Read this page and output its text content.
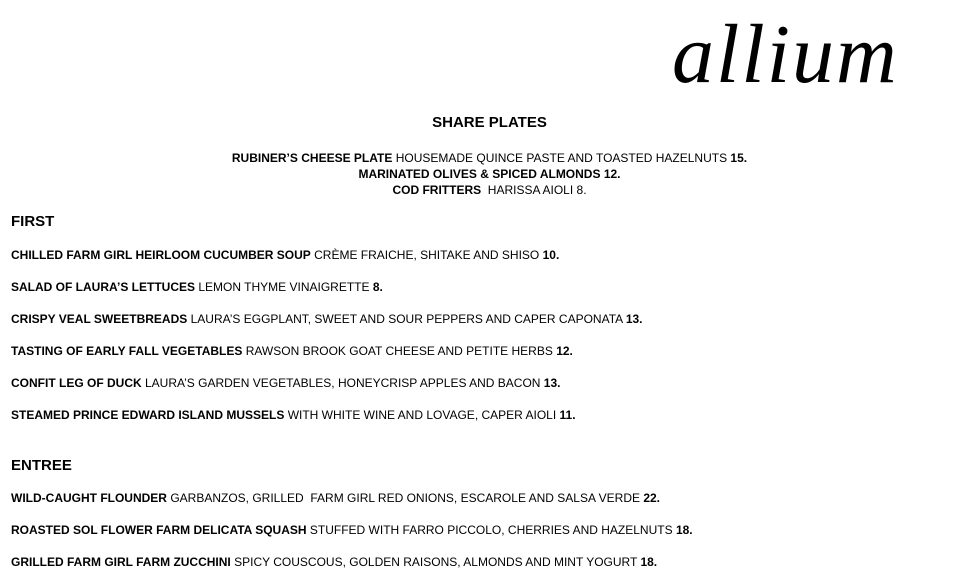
allium
SHARE PLATES
RUBINER’S CHEESE PLATE HOUSEMADE QUINCE PASTE AND TOASTED HAZELNUTS 15.
MARINATED OLIVES & SPICED ALMONDS 12.
COD FRITTERS  HARISSA AIOLI 8.
FIRST
CHILLED FARM GIRL HEIRLOOM CUCUMBER SOUP CRÈME FRAICHE, SHITAKE AND SHISO 10.
SALAD OF LAURA’S LETTUCES LEMON THYME VINAIGRETTE 8.
CRISPY VEAL SWEETBREADS LAURA’S EGGPLANT, SWEET AND SOUR PEPPERS AND CAPER CAPONATA 13.
TASTING OF EARLY FALL VEGETABLES RAWSON BROOK GOAT CHEESE AND PETITE HERBS 12.
CONFIT LEG OF DUCK LAURA’S GARDEN VEGETABLES, HONEYCRISP APPLES AND BACON 13.
STEAMED PRINCE EDWARD ISLAND MUSSELS WITH WHITE WINE AND LOVAGE, CAPER AIOLI 11.
ENTREE
WILD-CAUGHT FLOUNDER GARBANZOS, GRILLED  FARM GIRL RED ONIONS, ESCAROLE AND SALSA VERDE 22.
ROASTED SOL FLOWER FARM DELICATA SQUASH STUFFED WITH FARRO PICCOLO, CHERRIES AND HAZELNUTS 18.
GRILLED FARM GIRL FARM ZUCCHINI SPICY COUSCOUS, GOLDEN RAISONS, ALMONDS AND MINT YOGURT 18.
